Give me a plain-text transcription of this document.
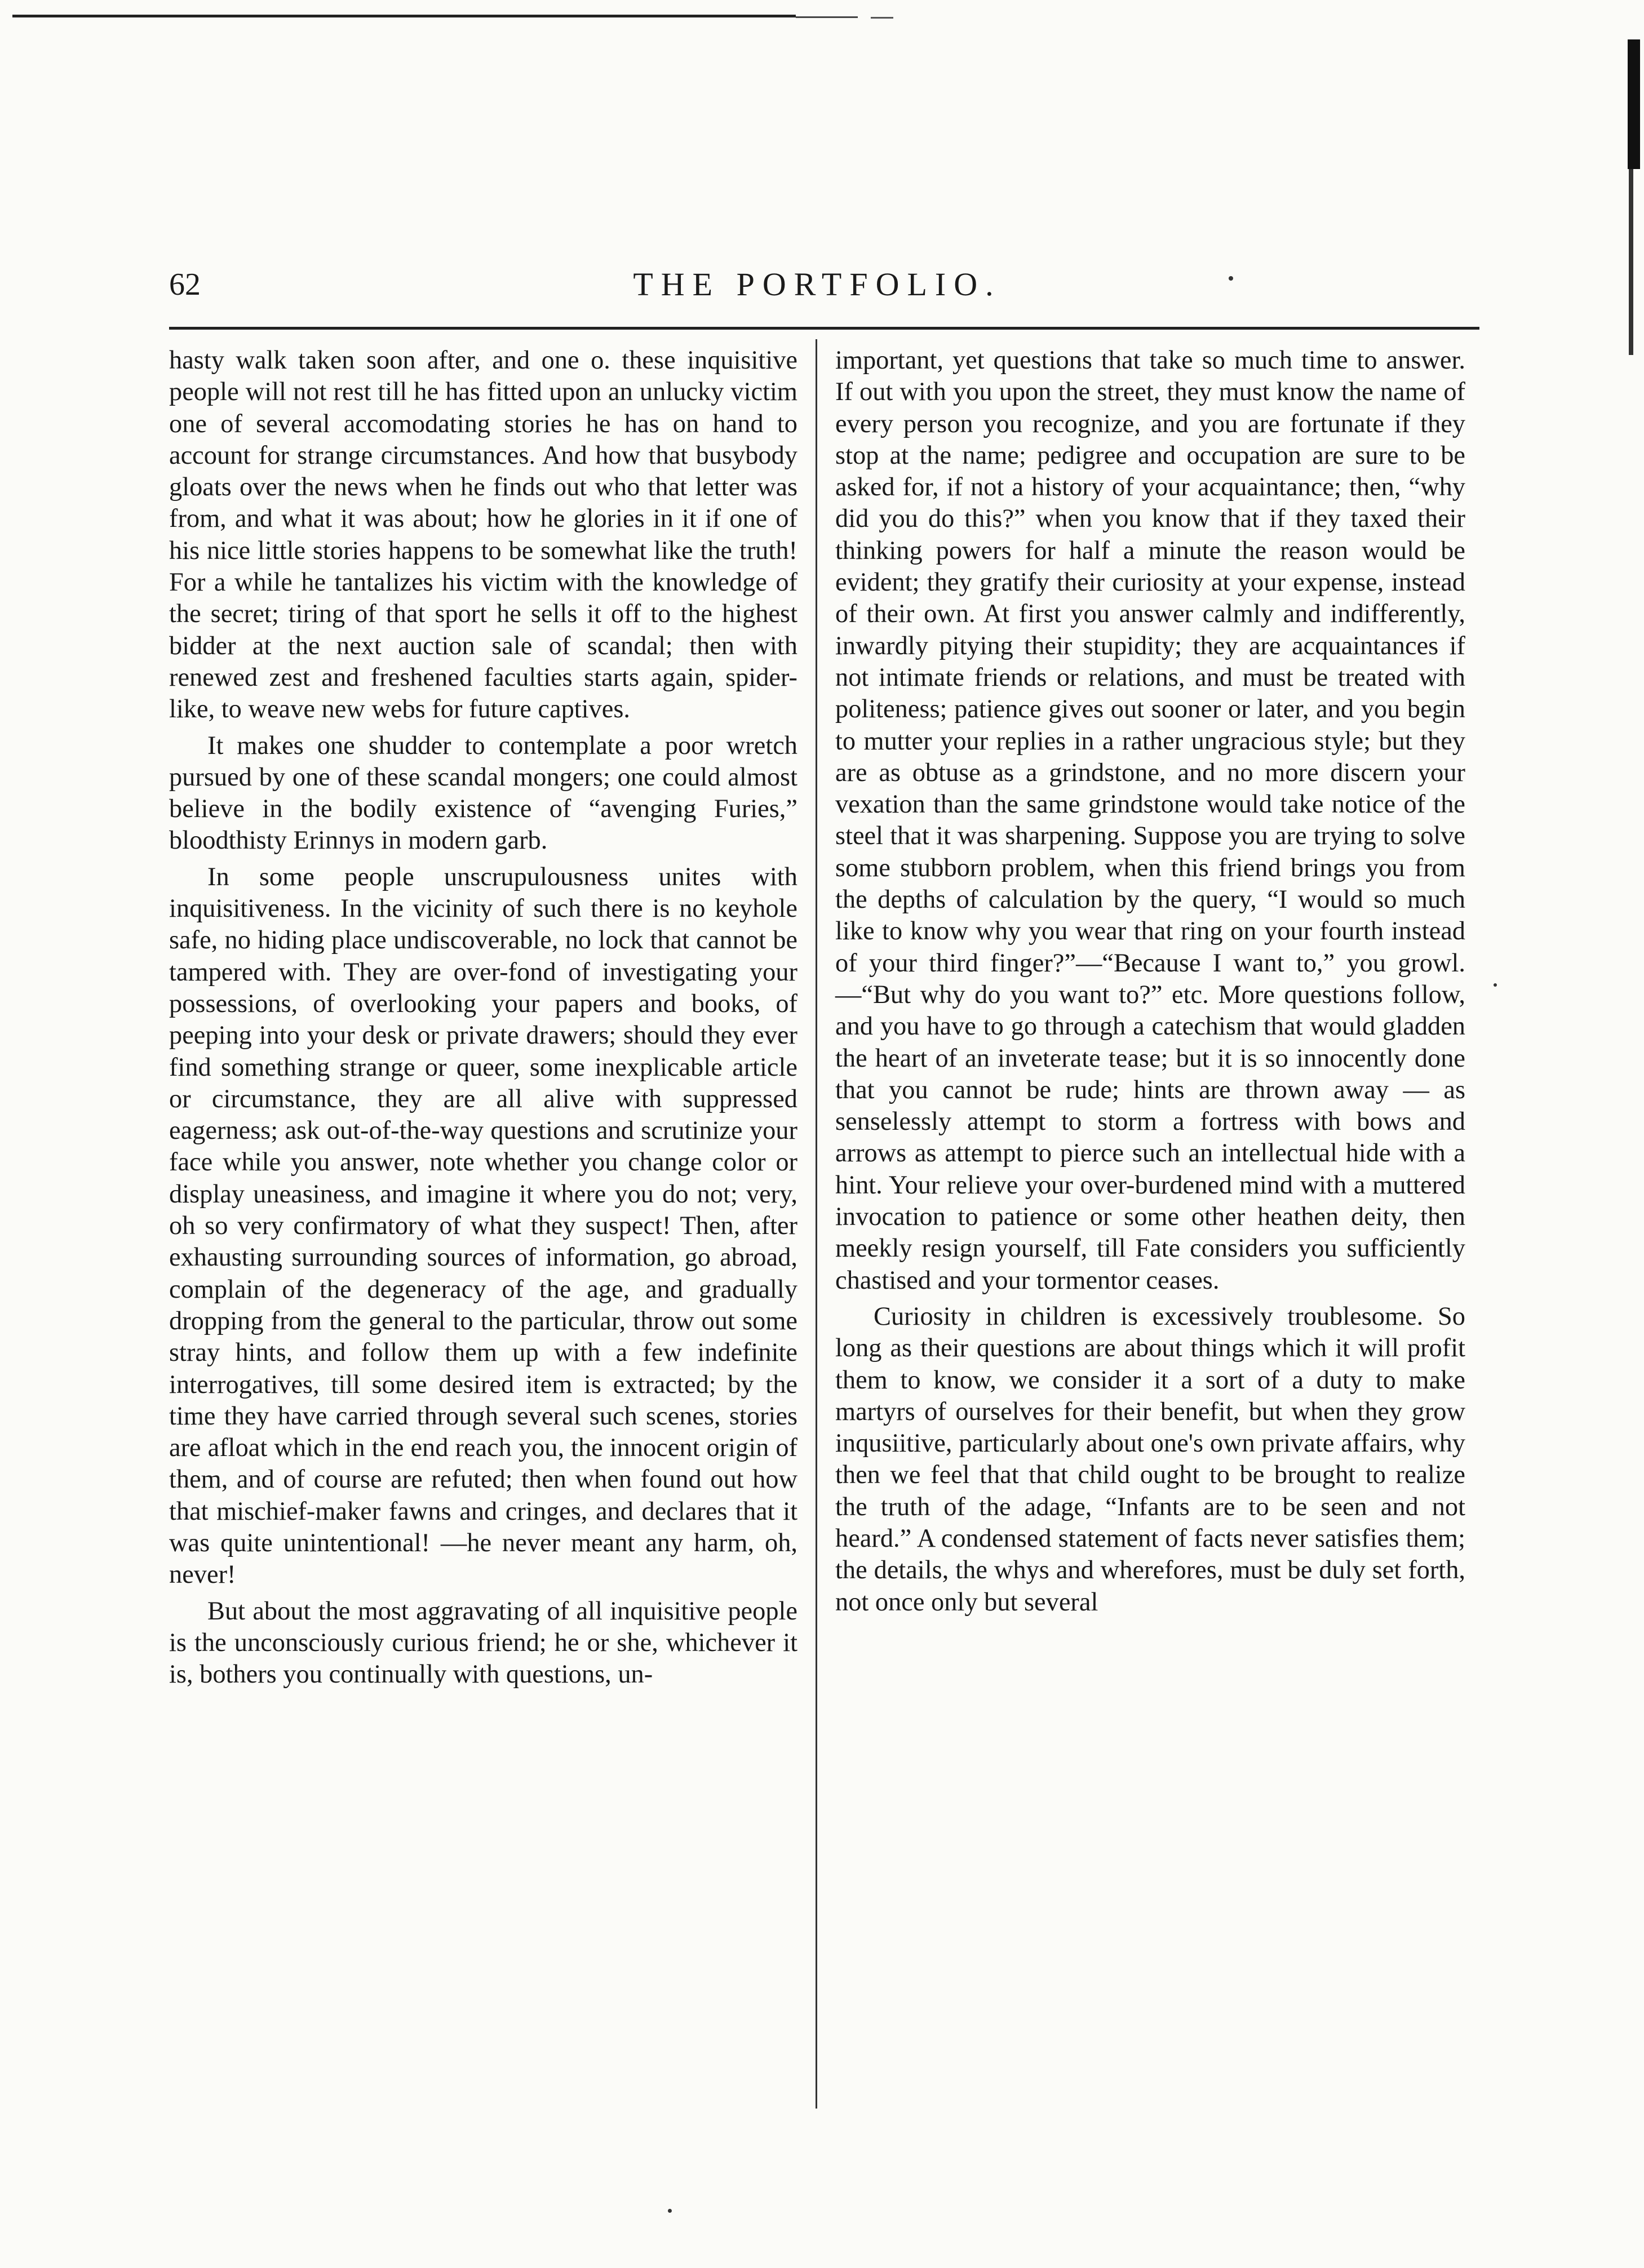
62	THE PORTFOLIO.

hasty walk taken soon after, and one o. these inquisitive people will not rest till he has fitted upon an unlucky victim one of several accomodating stories he has on hand to account for strange circumstances. And how that busybody gloats over the news when he finds out who that letter was from, and what it was about; how he glories in it if one of his nice little stories happens to be somewhat like the truth! For a while he tantalizes his victim with the knowledge of the secret; tiring of that sport he sells it off to the highest bidder at the next auction sale of scandal; then with renewed zest and freshened faculties starts again, spider-like, to weave new webs for future captives.

It makes one shudder to contemplate a poor wretch pursued by one of these scandal mongers; one could almost believe in the bodily existence of “avenging Furies,” bloodthisty Erinnys in modern garb.

In some people unscrupulousness unites with inquisitiveness. In the vicinity of such there is no keyhole safe, no hiding place undiscoverable, no lock that cannot be tampered with. They are over-fond of investigating your possessions, of overlooking your papers and books, of peeping into your desk or private drawers; should they ever find something strange or queer, some inexplicable article or circumstance, they are all alive with suppressed eagerness; ask out-of-the-way questions and scrutinize your face while you answer, note whether you change color or display uneasiness, and imagine it where you do not; very, oh so very confirmatory of what they suspect! Then, after exhausting surrounding sources of information, go abroad, complain of the degeneracy of the age, and gradually dropping from the general to the particular, throw out some stray hints, and follow them up with a few indefinite interrogatives, till some desired item is extracted; by the time they have carried through several such scenes, stories are afloat which in the end reach you, the innocent origin of them, and of course are refuted; then when found out how that mischief-maker fawns and cringes, and declares that it was quite unintentional! —he never meant any harm, oh, never!

But about the most aggravating of all inquisitive people is the unconsciously curious friend; he or she, whichever it is, bothers you continually with questions, un-

important, yet questions that take so much time to answer. If out with you upon the street, they must know the name of every person you recognize, and you are fortunate if they stop at the name; pedigree and occupation are sure to be asked for, if not a history of your acquaintance; then, “why did you do this?” when you know that if they taxed their thinking powers for half a minute the reason would be evident; they gratify their curiosity at your expense, instead of their own. At first you answer calmly and indifferently, inwardly pitying their stupidity; they are acquaintances if not intimate friends or relations, and must be treated with politeness; patience gives out sooner or later, and you begin to mutter your replies in a rather ungracious style; but they are as obtuse as a grindstone, and no more discern your vexation than the same grindstone would take notice of the steel that it was sharpening. Suppose you are trying to solve some stubborn problem, when this friend brings you from the depths of calculation by the query, “I would so much like to know why you wear that ring on your fourth instead of your third finger?”—“Because I want to,” you growl.—“But why do you want to?” etc. More questions follow, and you have to go through a catechism that would gladden the heart of an inveterate tease; but it is so innocently done that you cannot be rude; hints are thrown away — as senselessly attempt to storm a fortress with bows and arrows as attempt to pierce such an intellectual hide with a hint. Your relieve your over-burdened mind with a muttered invocation to patience or some other heathen deity, then meekly resign yourself, till Fate considers you sufficiently chastised and your tormentor ceases.

Curiosity in children is excessively troublesome. So long as their questions are about things which it will profit them to know, we consider it a sort of a duty to make martyrs of ourselves for their benefit, but when they grow inqusiitive, particularly about one's own private affairs, why then we feel that that child ought to be brought to realize the truth of the adage, “Infants are to be seen and not heard.” A condensed statement of facts never satisfies them; the details, the whys and wherefores, must be duly set forth, not once only but several
